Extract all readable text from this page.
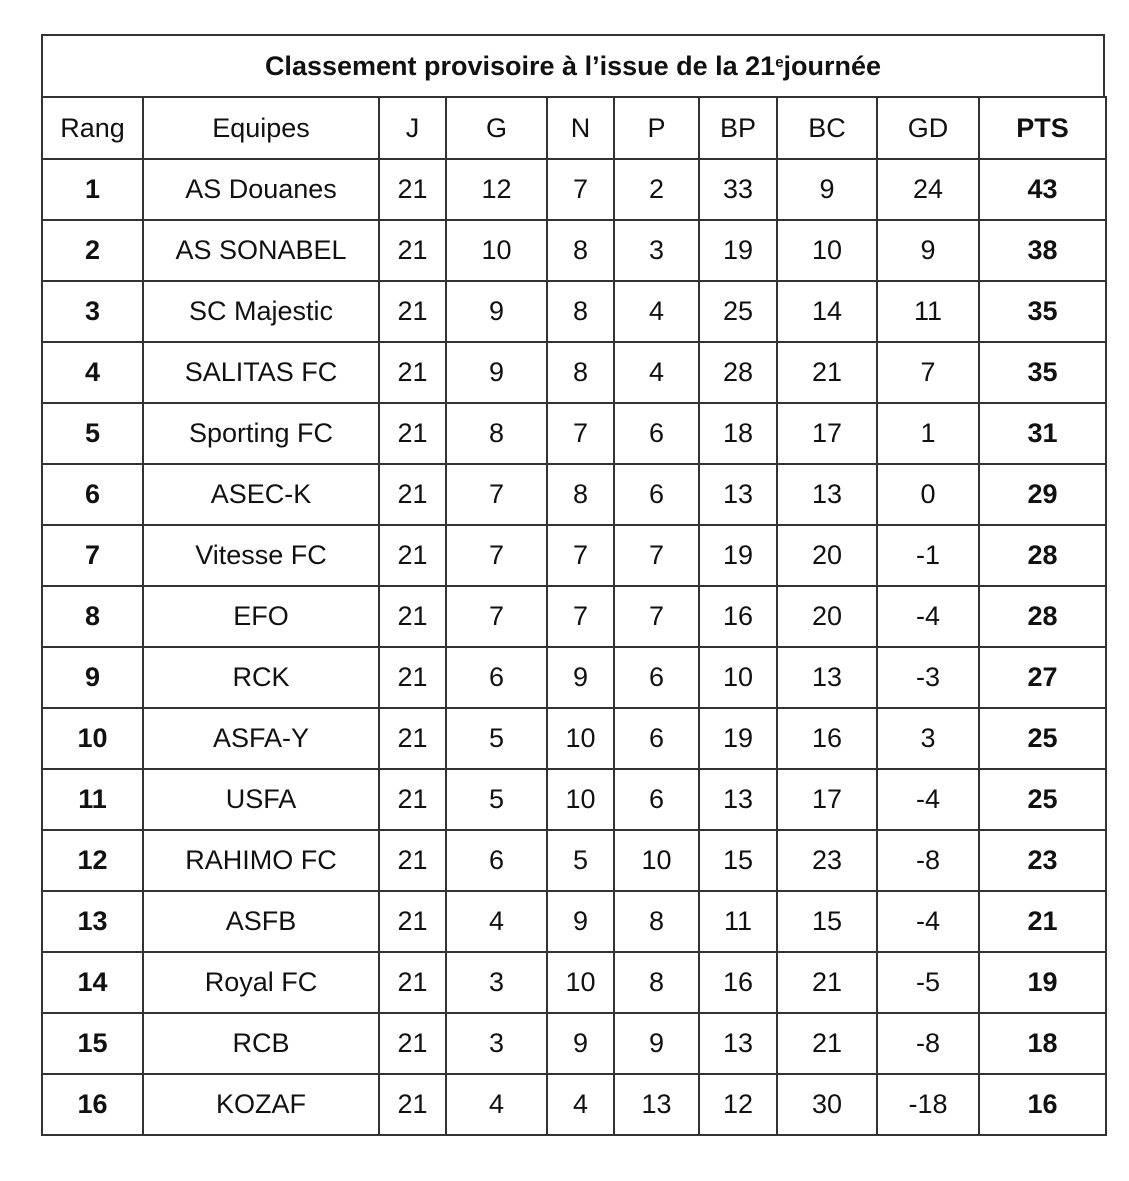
Classement provisoire à l’issue de la 21e journée
Rang	Equipes	J	G	N	P	BP	BC	GD	PTS
1	AS Douanes	21	12	7	2	33	9	24	43
2	AS SONABEL	21	10	8	3	19	10	9	38
3	SC Majestic	21	9	8	4	25	14	11	35
4	SALITAS FC	21	9	8	4	28	21	7	35
5	Sporting FC	21	8	7	6	18	17	1	31
6	ASEC-K	21	7	8	6	13	13	0	29
7	Vitesse FC	21	7	7	7	19	20	-1	28
8	EFO	21	7	7	7	16	20	-4	28
9	RCK	21	6	9	6	10	13	-3	27
10	ASFA-Y	21	5	10	6	19	16	3	25
11	USFA	21	5	10	6	13	17	-4	25
12	RAHIMO FC	21	6	5	10	15	23	-8	23
13	ASFB	21	4	9	8	11	15	-4	21
14	Royal FC	21	3	10	8	16	21	-5	19
15	RCB	21	3	9	9	13	21	-8	18
16	KOZAF	21	4	4	13	12	30	-18	16
